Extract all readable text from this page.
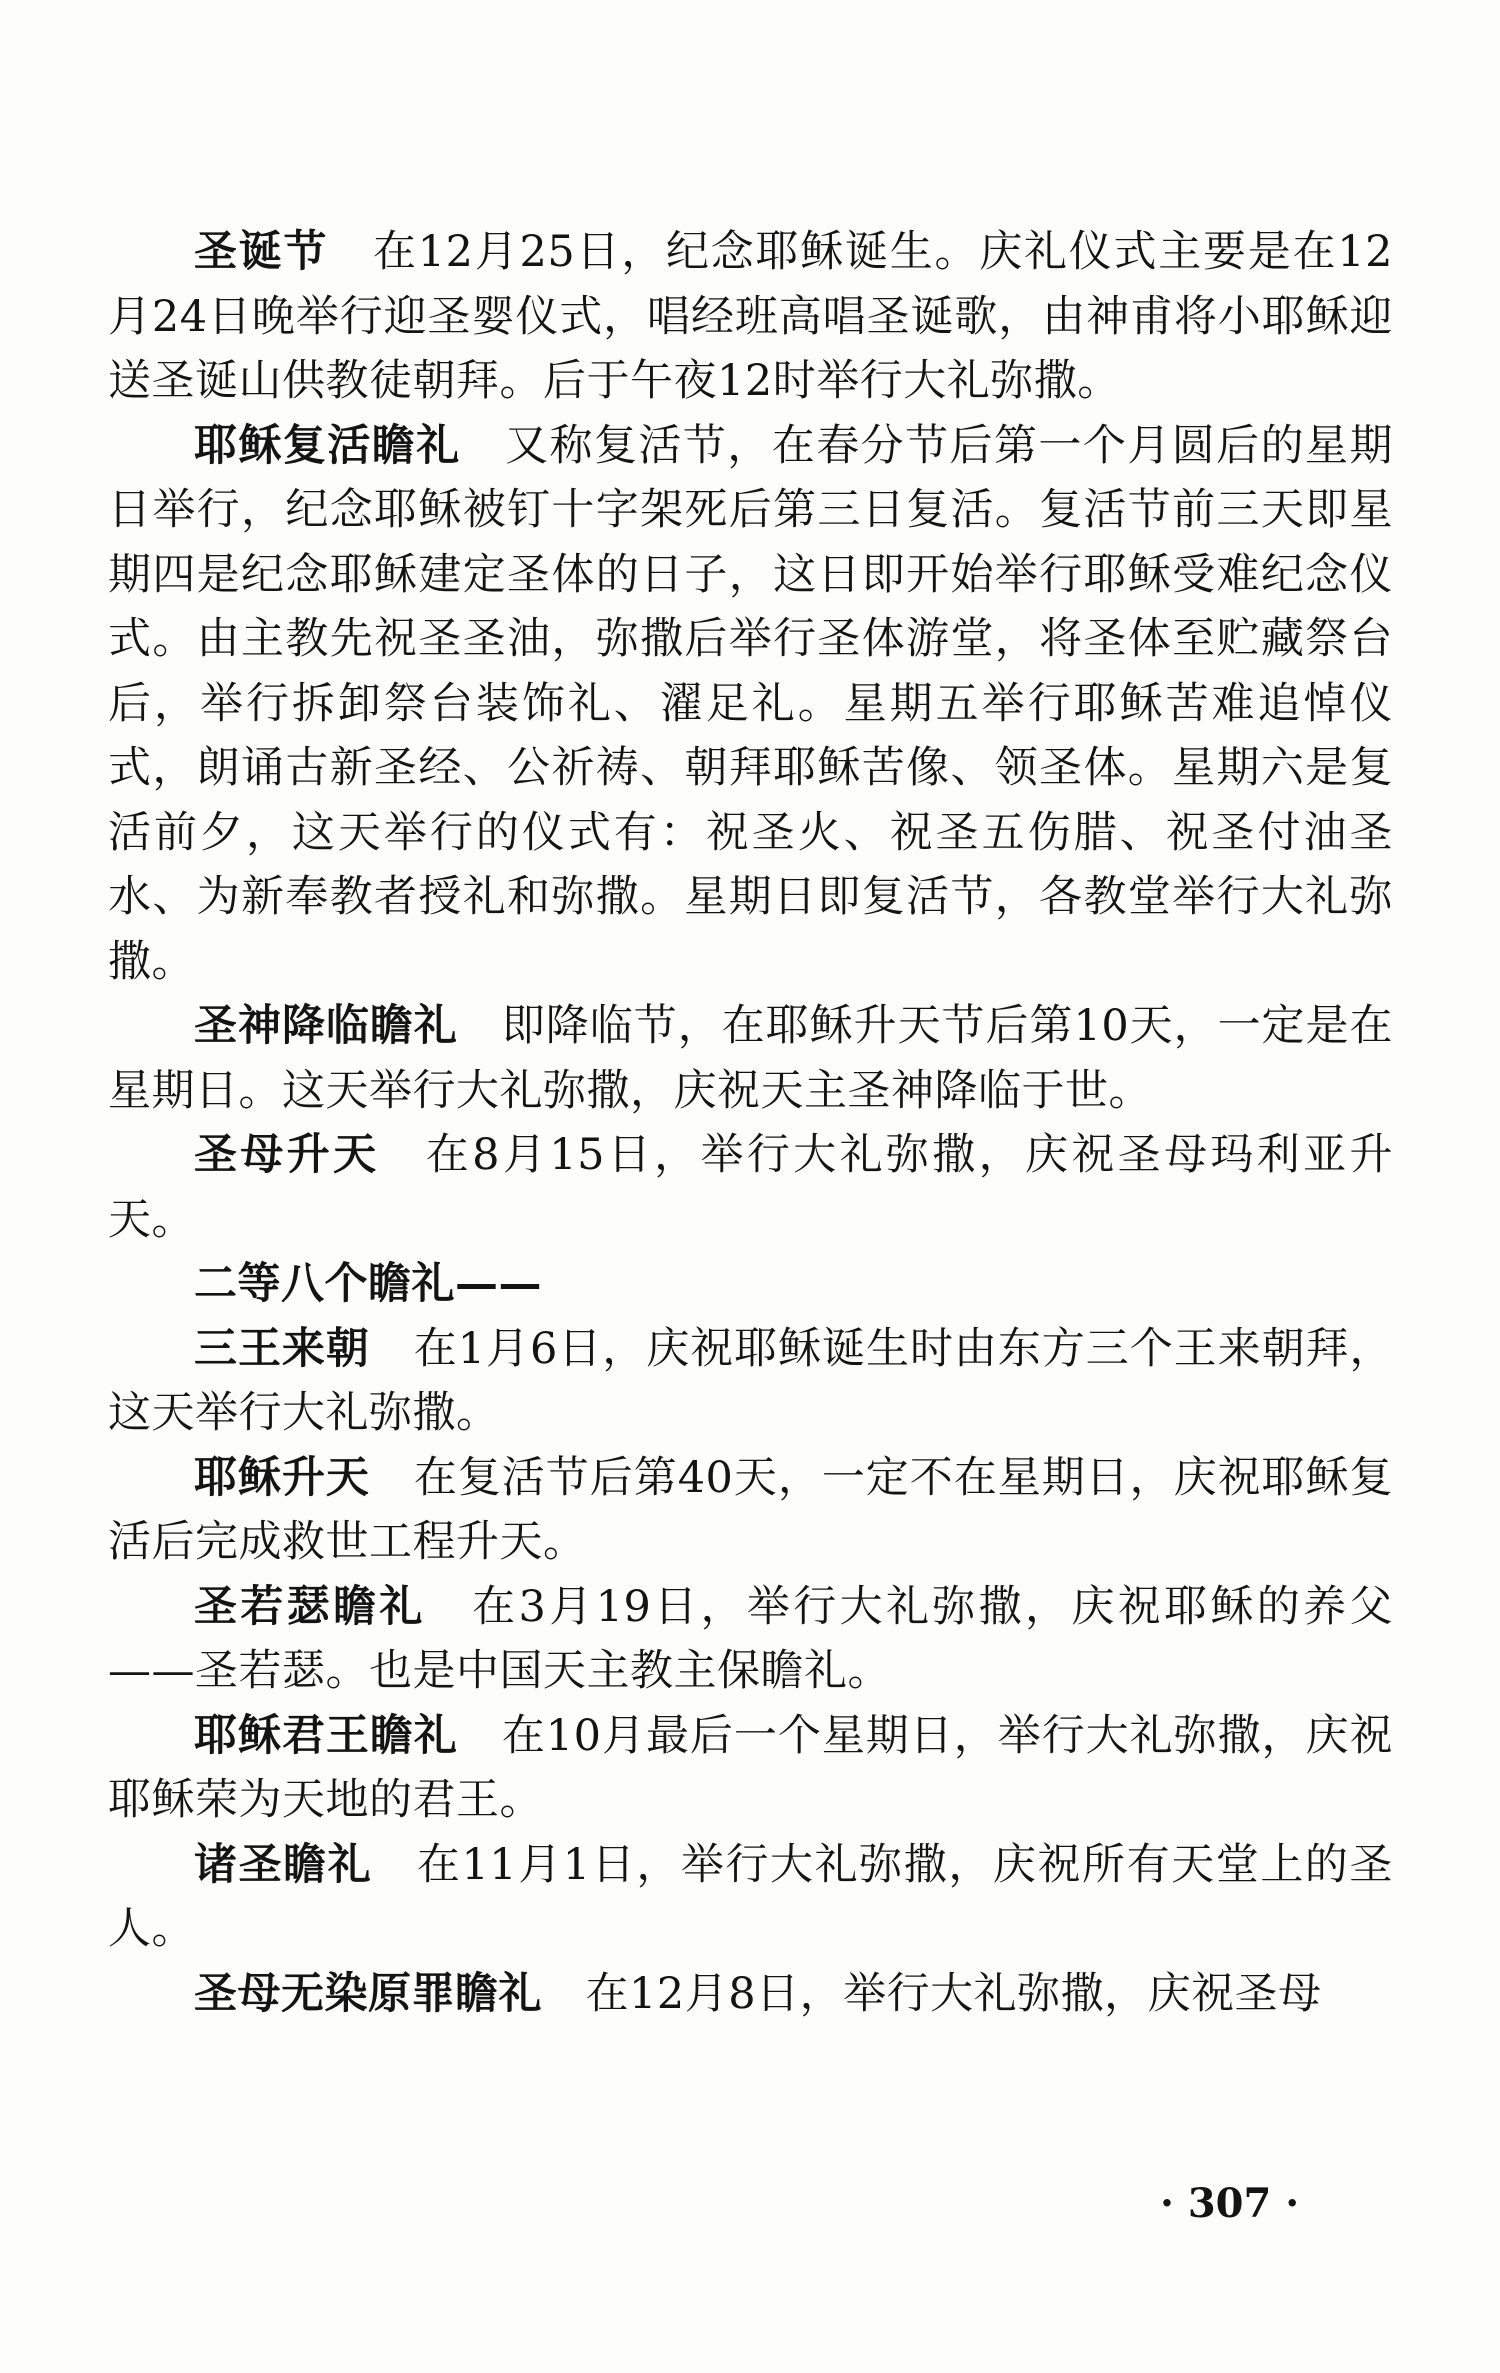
圣诞节　在12月25日，纪念耶稣诞生。庆礼仪式主要是在12月24日晚举行迎圣婴仪式，唱经班高唱圣诞歌，由神甫将小耶稣迎送圣诞山供教徒朝拜。后于午夜12时举行大礼弥撒。

耶稣复活瞻礼　又称复活节，在春分节后第一个月圆后的星期日举行，纪念耶稣被钉十字架死后第三日复活。复活节前三天即星期四是纪念耶稣建定圣体的日子，这日即开始举行耶稣受难纪念仪式。由主教先祝圣圣油，弥撒后举行圣体游堂，将圣体至贮藏祭台后，举行拆卸祭台装饰礼、濯足礼。星期五举行耶稣苦难追悼仪式，朗诵古新圣经、公祈祷、朝拜耶稣苦像、领圣体。星期六是复活前夕，这天举行的仪式有：祝圣火、祝圣五伤腊、祝圣付油圣水、为新奉教者授礼和弥撒。星期日即复活节，各教堂举行大礼弥撒。

圣神降临瞻礼　即降临节，在耶稣升天节后第10天，一定是在星期日。这天举行大礼弥撒，庆祝天主圣神降临于世。

圣母升天　在8月15日，举行大礼弥撒，庆祝圣母玛利亚升天。

二等八个瞻礼——

三王来朝　在1月6日，庆祝耶稣诞生时由东方三个王来朝拜，这天举行大礼弥撒。

耶稣升天　在复活节后第40天，一定不在星期日，庆祝耶稣复活后完成救世工程升天。

圣若瑟瞻礼　在3月19日，举行大礼弥撒，庆祝耶稣的养父——圣若瑟。也是中国天主教主保瞻礼。

耶稣君王瞻礼　在10月最后一个星期日，举行大礼弥撒，庆祝耶稣荣为天地的君王。

诸圣瞻礼　在11月1日，举行大礼弥撒，庆祝所有天堂上的圣人。

圣母无染原罪瞻礼　在12月8日，举行大礼弥撒，庆祝圣母

· 307 ·
